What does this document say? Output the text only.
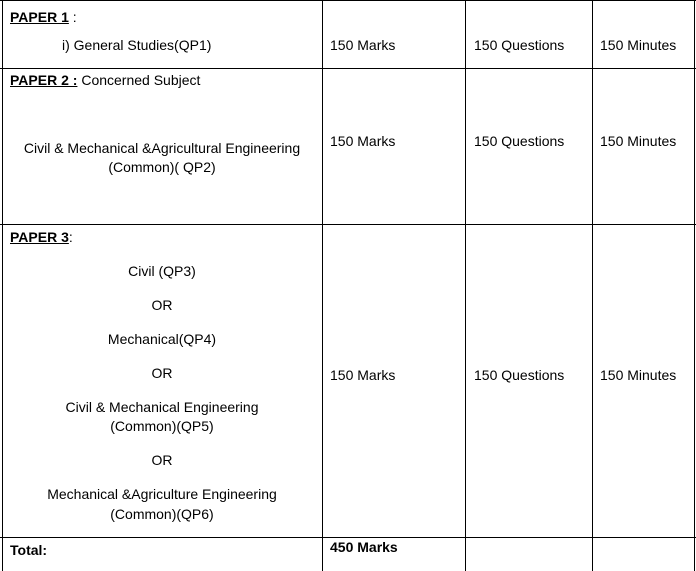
PAPER 1 :
i) General Studies(QP1)	150 Marks	150 Questions	150 Minutes
PAPER 2 : Concerned Subject
Civil & Mechanical &Agricultural Engineering
(Common)( QP2)
150 Marks	150 Questions	150 Minutes
PAPER 3:
Civil (QP3)
OR
Mechanical(QP4)
OR
Civil & Mechanical Engineering
(Common)(QP5)
OR
Mechanical &Agriculture Engineering
(Common)(QP6)
150 Marks	150 Questions	150 Minutes
Total:	450 Marks
